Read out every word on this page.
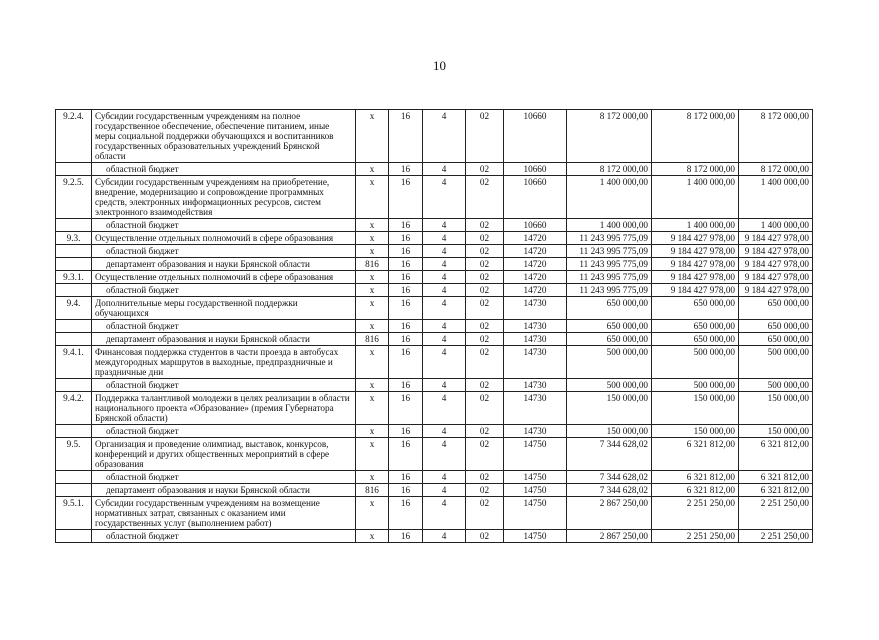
10
9.2.4.	Субсидии государственным учреждениям на полное государственное обеспечение, обеспечение питанием, иные меры социальной поддержки обучающихся и воспитанников государственных образовательных учреждений Брянской области	х	16	4	02	10660	8 172 000,00	8 172 000,00	8 172 000,00
	областной бюджет	х	16	4	02	10660	8 172 000,00	8 172 000,00	8 172 000,00
9.2.5.	Субсидии государственным учреждениям на приобретение, внедрение, модернизацию и сопровождение программных средств, электронных информационных ресурсов, систем электронного взаимодействия	х	16	4	02	10660	1 400 000,00	1 400 000,00	1 400 000,00
	областной бюджет	х	16	4	02	10660	1 400 000,00	1 400 000,00	1 400 000,00
9.3.	Осуществление отдельных полномочий в сфере образования	х	16	4	02	14720	11 243 995 775,09	9 184 427 978,00	9 184 427 978,00
	областной бюджет	х	16	4	02	14720	11 243 995 775,09	9 184 427 978,00	9 184 427 978,00
	департамент образования и науки Брянской области	816	16	4	02	14720	11 243 995 775,09	9 184 427 978,00	9 184 427 978,00
9.3.1.	Осуществление отдельных полномочий в сфере образования	х	16	4	02	14720	11 243 995 775,09	9 184 427 978,00	9 184 427 978,00
	областной бюджет	х	16	4	02	14720	11 243 995 775,09	9 184 427 978,00	9 184 427 978,00
9.4.	Дополнительные меры государственной поддержки обучающихся	х	16	4	02	14730	650 000,00	650 000,00	650 000,00
	областной бюджет	х	16	4	02	14730	650 000,00	650 000,00	650 000,00
	департамент образования и науки Брянской области	816	16	4	02	14730	650 000,00	650 000,00	650 000,00
9.4.1.	Финансовая поддержка студентов в части проезда в автобусах междугородных маршрутов в выходные, предпраздничные и праздничные дни	х	16	4	02	14730	500 000,00	500 000,00	500 000,00
	областной бюджет	х	16	4	02	14730	500 000,00	500 000,00	500 000,00
9.4.2.	Поддержка талантливой молодежи в целях реализации в области национального проекта «Образование» (премия Губернатора Брянской области)	х	16	4	02	14730	150 000,00	150 000,00	150 000,00
	областной бюджет	х	16	4	02	14730	150 000,00	150 000,00	150 000,00
9.5.	Организация и проведение олимпиад, выставок, конкурсов, конференций и других общественных мероприятий в сфере образования	х	16	4	02	14750	7 344 628,02	6 321 812,00	6 321 812,00
	областной бюджет	х	16	4	02	14750	7 344 628,02	6 321 812,00	6 321 812,00
	департамент образования и науки Брянской области	816	16	4	02	14750	7 344 628,02	6 321 812,00	6 321 812,00
9.5.1.	Субсидии государственным учреждениям на возмещение нормативных затрат, связанных с оказанием ими государственных услуг (выполнением работ)	х	16	4	02	14750	2 867 250,00	2 251 250,00	2 251 250,00
	областной бюджет	х	16	4	02	14750	2 867 250,00	2 251 250,00	2 251 250,00
